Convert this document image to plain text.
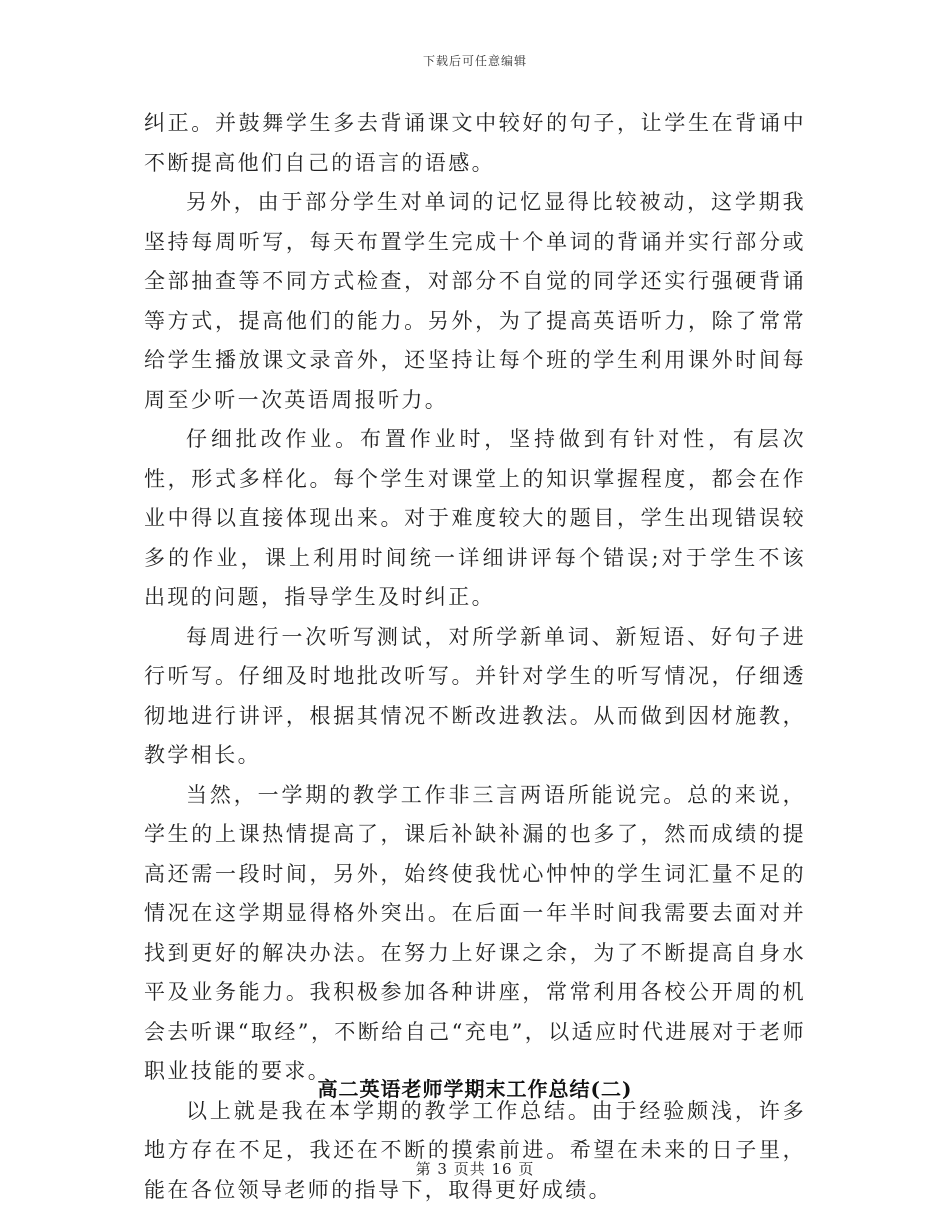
下载后可任意编辑

纠正。并鼓舞学生多去背诵课文中较好的句子，让学生在背诵中不断提高他们自己的语言的语感。

另外，由于部分学生对单词的记忆显得比较被动，这学期我坚持每周听写，每天布置学生完成十个单词的背诵并实行部分或全部抽查等不同方式检查，对部分不自觉的同学还实行强硬背诵等方式，提高他们的能力。另外，为了提高英语听力，除了常常给学生播放课文录音外，还坚持让每个班的学生利用课外时间每周至少听一次英语周报听力。

仔细批改作业。布置作业时，坚持做到有针对性，有层次性，形式多样化。每个学生对课堂上的知识掌握程度，都会在作业中得以直接体现出来。对于难度较大的题目，学生出现错误较多的作业，课上利用时间统一详细讲评每个错误;对于学生不该出现的问题，指导学生及时纠正。

每周进行一次听写测试，对所学新单词、新短语、好句子进行听写。仔细及时地批改听写。并针对学生的听写情况，仔细透彻地进行讲评，根据其情况不断改进教法。从而做到因材施教，教学相长。

当然，一学期的教学工作非三言两语所能说完。总的来说，学生的上课热情提高了，课后补缺补漏的也多了，然而成绩的提高还需一段时间，另外，始终使我忧心忡忡的学生词汇量不足的情况在这学期显得格外突出。在后面一年半时间我需要去面对并找到更好的解决办法。在努力上好课之余，为了不断提高自身水平及业务能力。我积极参加各种讲座，常常利用各校公开周的机会去听课“取经”，不断给自己“充电”，以适应时代进展对于老师职业技能的要求。

以上就是我在本学期的教学工作总结。由于经验颇浅，许多地方存在不足，我还在不断的摸索前进。希望在未来的日子里，能在各位领导老师的指导下，取得更好成绩。

高二英语老师学期末工作总结(二)
第 3 页共 16 页
